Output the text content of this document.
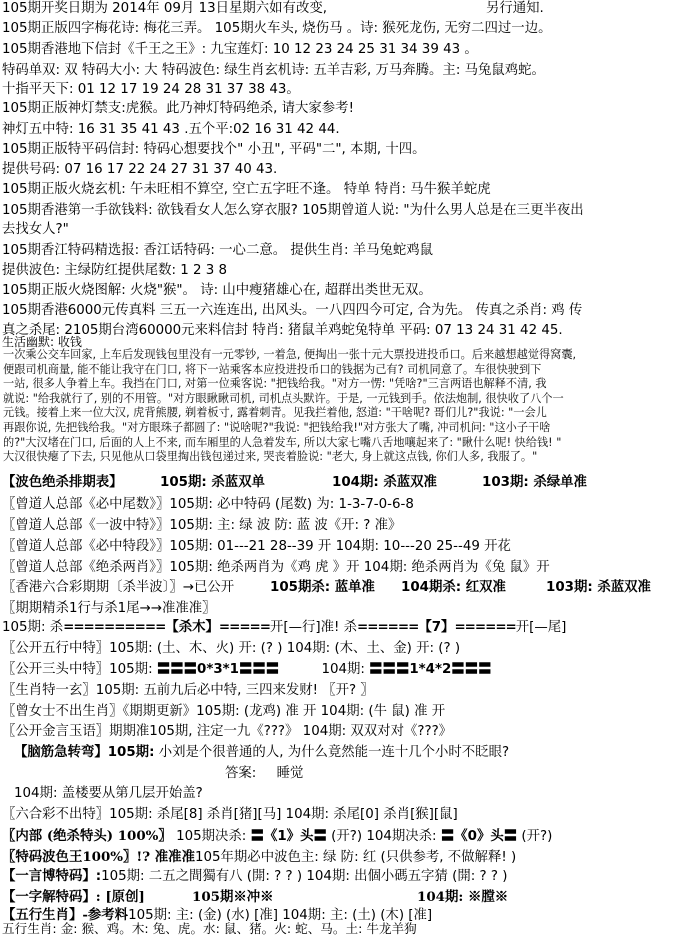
105期开奖日期为 2014年 09月 13日星期六如有改变,	另行通知.
105期正版四字梅花诗: 梅花三弄。 105期火车头, 烧伤马 。诗: 猴死龙伤, 无穷二四过一边。
105期香港地下信封《千王之王》: 九宝莲灯: 10 12 23 24 25 31 34 39 43 。
特码单双: 双 特码大小: 大 特码波色: 绿生肖玄机诗: 五羊吉彩, 万马奔腾。主: 马兔鼠鸡蛇。
十指平天下: 01 12 17 19 24 28 31 37 38 43。
105期正版神灯禁支:虎猴。此乃神灯特码绝杀, 请大家参考!
神灯五中特: 16 31 35 41 43 .五个平:02 16 31 42 44.
105期正版特平码信封: 特码心想要找个" 小丑", 平码"二", 本期, 十四。
提供号码: 07 16 17 22 24 27 31 37 40 43.
105期正版火烧玄机: 午未旺相不算空, 空亡五字旺不逢。 特单 特肖: 马牛猴羊蛇虎
105期香港第一手欲钱料: 欲钱看女人怎么穿衣服? 105期曾道人说: "为什么男人总是在三更半夜出
去找女人?"
105期香江特码精选报: 香江话特码: 一心二意。 提供生肖: 羊马兔蛇鸡鼠
提供波色: 主绿防红提供尾数: 1 2 3 8
105期正版火烧图解: 火烧"猴"。 诗: 山中瘦猪雄心在, 超群出类世无双。
105期香港6000元传真料 三五一六连连出, 出风头。一八四四今可定, 合为先。 传真之杀肖: 鸡 传
真之杀尾: 2105期台湾60000元来料信封 特肖: 猪鼠羊鸡蛇兔特单 平码: 07 13 24 31 42 45.
生活幽默: 收钱
一次乘公交车回家, 上车后发现钱包里没有一元零钞, 一着急, 便掏出一张十元大票投进投币口。后来越想越觉得窝囊,
便跟司机商量, 能不能让我守在门口, 将下一站乘客本应投进投币口的钱据为己有? 司机同意了。车很快驶到下
一站, 很多人争着上车。我挡在门口, 对第一位乘客说: "把钱给我。"对方一愣: "凭啥?"三言两语也解释不清, 我
就说: "给我就行了, 别的不用管。"对方眼瞅瞅司机, 司机点头默许。于是, 一元钱到手。依法炮制, 很快收了八个一
元钱。接着上来一位大汉, 虎背熊腰, 剃着板寸, 露着刺青。见我拦着他, 怒道: "干啥呢? 哥们儿?"我说: "一会儿
再跟你说, 先把钱给我。"对方眼珠子都圆了: "说啥呢?"我说: "把钱给我!"对方张大了嘴, 冲司机问: "这小子干啥
的?"大汉堵在门口, 后面的人上不来, 而车厢里的人急着发车, 所以大家七嘴八舌地嚷起来了: "瞅什么呢! 快给钱! "
大汉很快瘪了下去, 只见他从口袋里掏出钱包递过来, 哭丧着脸说: "老大, 身上就这点钱, 你们人多, 我服了。"
【波色绝杀排期表】	105期: 杀蓝双单	104期: 杀蓝双准	103期: 杀绿单准
〖曾道人总部《必中尾数》〗105期: 必中特码 (尾数) 为: 1-3-7-0-6-8
〖曾道人总部《一波中特》〗105期: 主: 绿 波 防: 蓝 波《开: ? 准》
〖曾道人总部《必中特段》〗105期: 01---21 28--39 开 104期: 10---20 25--49 开花
〖曾道人总部《绝杀两肖》〗105期: 绝杀两肖为《鸡 虎 》开 104期: 绝杀两肖为《兔 鼠》开
〖香港六合彩期期〔杀半波〕〗→已公开	105期杀: 蓝单准 104期杀: 红双准	103期: 杀蓝双准
〖期期精杀1行与杀1尾→→准准准〗
105期: 杀==========【杀木】=====开[—行]准! 杀======【7】======开[—尾]
〖公开五行中特〗105期: (土、木、火) 开: (? ) 104期: (木、土、金) 开: (? )
〖公开三头中特〗105期: 〓〓〓0*3*1〓〓〓	104期: 〓〓〓1*4*2〓〓〓
〖生肖特一玄〗105期: 五前九后必中特, 三四来发财! 〖开? 〗
〖曾女士不出生肖〗《期期更新》105期: (龙鸡) 准 开 104期: (牛 鼠) 准 开
〖公开金言玉语〗期期准105期, 注定一九《???》 104期: 双双对对《???》
【脑筋急转弯】105期: 小刘是个很普通的人, 为什么竟然能一连十几个小时不眨眼?
答案: 睡觉
104期: 盖楼要从第几层开始盖?
〖六合彩不出特〗105期: 杀尾[8] 杀肖[猪][马] 104期: 杀尾[0] 杀肖[猴][鼠]
〖内部 (绝杀特头) 100%〗 105期决杀: 〓《1》头〓 (开?) 104期决杀: 〓《0》头〓 (开?)
〖特码波色王100%〗!? 准准准105年期必中波色主: 绿 防: 红 (只供参考, 不做解释! )
【一言博特码】:105期: 二五之間獨有八 (開: ? ? ) 104期: 出個小碼五字猜 (開: ? ? )
【一字解特码】: [原创]	105期※冲※	104期: ※膛※
【五行生肖】-参考料105期: 主: (金) (水) [准] 104期: 主: (土) (木) [准]
五行生肖: 金: 猴、鸡。木: 兔、虎。水: 鼠、猪。火: 蛇、马。土: 牛龙羊狗
